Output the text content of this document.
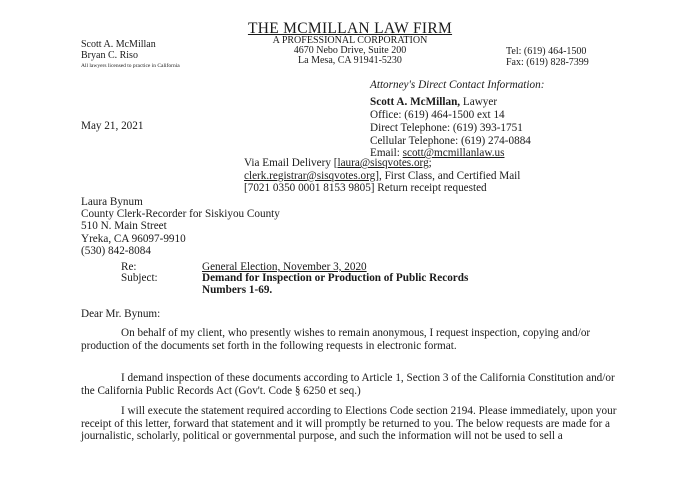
THE MCMILLAN LAW FIRM
A PROFESSIONAL CORPORATION
4670 Nebo Drive, Suite 200
La Mesa, CA 91941-5230
Scott A. McMillan
Bryan C. Riso
All lawyers licensed to practice in California
Tel: (619) 464-1500
Fax: (619) 828-7399
Attorney's Direct Contact Information:
Scott A. McMillan, Lawyer
Office: (619) 464-1500 ext 14
Direct Telephone: (619) 393-1751
Cellular Telephone: (619) 274-0884
Email: scott@mcmillanlaw.us
May 21, 2021
Via Email Delivery [laura@sisqvotes.org;
clerk.registrar@sisqvotes.org], First Class, and Certified Mail
[7021 0350 0001 8153 9805] Return receipt requested
Laura Bynum
County Clerk-Recorder for Siskiyou County
510 N. Main Street
Yreka, CA 96097-9910
(530) 842-8084
Re:	General Election, November 3, 2020
Subject:	Demand for Inspection or Production of Public Records
Numbers 1-69.
Dear Mr. Bynum:
On behalf of my client, who presently wishes to remain anonymous, I request inspection, copying and/or production of the documents set forth in the following requests in electronic format.
I demand inspection of these documents according to Article 1, Section 3 of the California Constitution and/or the California Public Records Act (Gov't. Code § 6250 et seq.)
I will execute the statement required according to Elections Code section 2194. Please immediately, upon your receipt of this letter, forward that statement and it will promptly be returned to you. The below requests are made for a journalistic, scholarly, political or governmental purpose, and such the information will not be used to sell a
